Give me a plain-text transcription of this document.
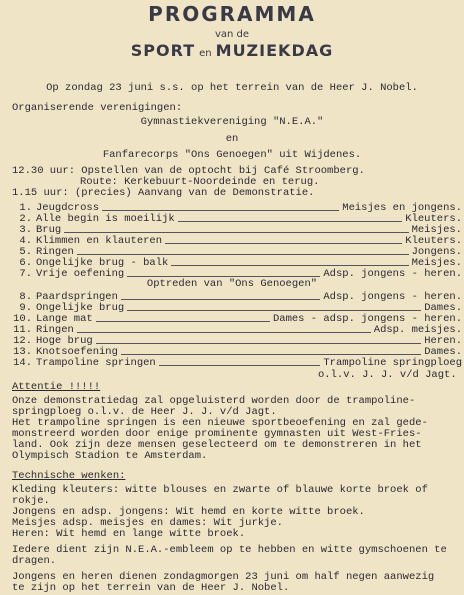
PROGRAMMA
van de
SPORT en MUZIEKDAG
Op zondag 23 juni s.s. op het terrein van de Heer J. Nobel.
Organiserende verenigingen:
Gymnastiekvereniging "N.E.A."
en
Fanfarecorps "Ons Genoegen" uit Wijdenes.
12.30 uur: Opstellen van de optocht bij Café Stroomberg.
Route: Kerkebuurt-Noordeinde en terug.
1.15 uur: (precies) Aanvang van de Demonstratie.
1. Jeugdcross	Meisjes en jongens.
2. Alle begin is moeilijk	Kleuters.
3. Brug	Meisjes.
4. Klimmen en klauteren	Kleuters.
5. Ringen	Jongens.
6. Ongelijke brug - balk	Meisjes.
7. Vrije oefening	Adsp. jongens - heren.
Optreden van "Ons Genoegen"
8. Paardspringen	Adsp. jongens - heren.
9. Ongelijke brug	Dames.
10. Lange mat	Dames - adsp. jongens - heren.
11. Ringen	Adsp. meisjes.
12. Hoge brug	Heren.
13. Knotsoefening	Dames.
14. Trampoline springen	Trampoline springploeg
o.l.v. J. J. v/d Jagt.
Attentie !!!!!
Onze demonstratiedag zal opgeluisterd worden door de trampoline-
springploeg o.l.v. de Heer J. J. v/d Jagt.
Het trampoline springen is een nieuwe sportbeoefening en zal gede-
monstreerd worden door enige prominente gymnasten uit West-Fries-
land. Ook zijn deze mensen geselecteerd om te demonstreren in het
Olympisch Stadion te Amsterdam.
Technische wenken:
Kleding kleuters: witte blouses en zwarte of blauwe korte broek of
rokje.
Jongens en adsp. jongens: Wit hemd en korte witte broek.
Meisjes adsp. meisjes en dames: Wit jurkje.
Heren: Wit hemd en lange witte broek.
Iedere dient zijn N.E.A.-embleem op te hebben en witte gymschoenen te
dragen.
Jongens en heren dienen zondagmorgen 23 juni om half negen aanwezig
te zijn op het terrein van de Heer J. Nobel.
